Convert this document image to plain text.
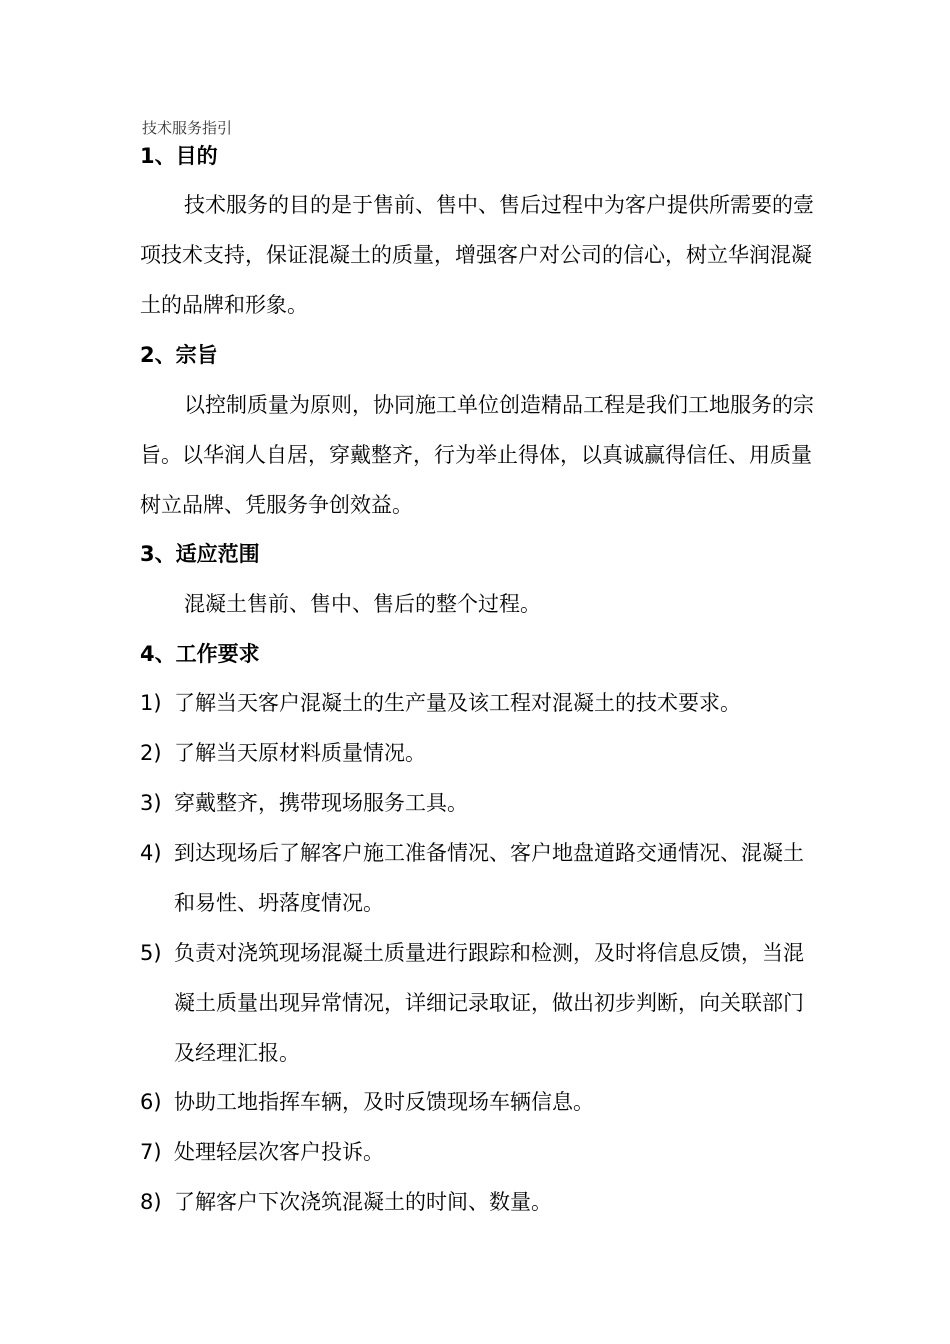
技术服务指引
1、目的
技术服务的目的是于售前、售中、售后过程中为客户提供所需要的壹项技术支持，保证混凝土的质量，增强客户对公司的信心，树立华润混凝土的品牌和形象。
2、宗旨
以控制质量为原则，协同施工单位创造精品工程是我们工地服务的宗旨。以华润人自居，穿戴整齐，行为举止得体，以真诚赢得信任、用质量树立品牌、凭服务争创效益。
3、适应范围
混凝土售前、售中、售后的整个过程。
4、工作要求
1) 了解当天客户混凝土的生产量及该工程对混凝土的技术要求。
2) 了解当天原材料质量情况。
3) 穿戴整齐，携带现场服务工具。
4) 到达现场后了解客户施工准备情况、客户地盘道路交通情况、混凝土和易性、坍落度情况。
5) 负责对浇筑现场混凝土质量进行跟踪和检测，及时将信息反馈，当混凝土质量出现异常情况，详细记录取证，做出初步判断，向关联部门及经理汇报。
6) 协助工地指挥车辆，及时反馈现场车辆信息。
7) 处理轻层次客户投诉。
8) 了解客户下次浇筑混凝土的时间、数量。
